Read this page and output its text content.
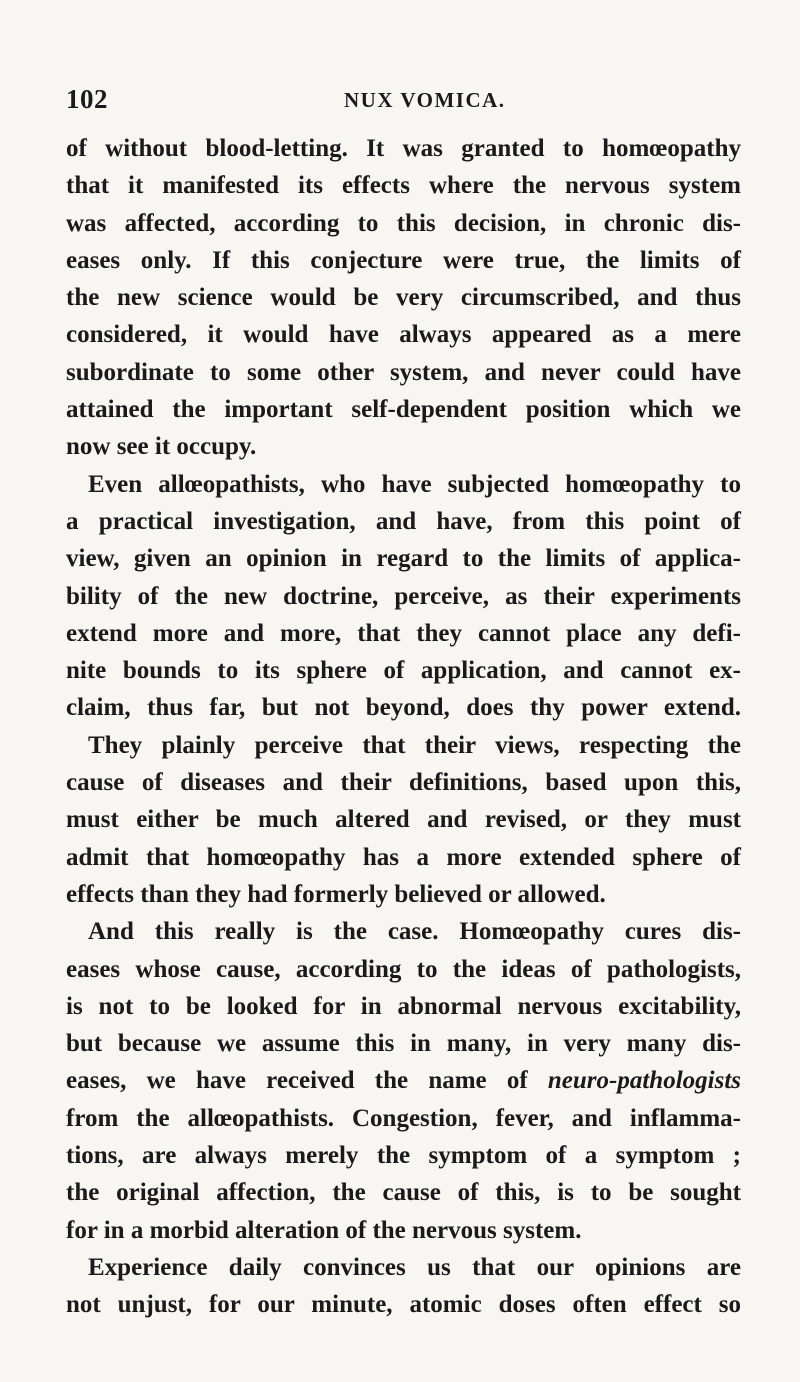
102	NUX VOMICA.
of without blood-letting. It was granted to homœopathy
that it manifested its effects where the nervous system
was affected, according to this decision, in chronic dis-
eases only. If this conjecture were true, the limits of
the new science would be very circumscribed, and thus
considered, it would have always appeared as a mere
subordinate to some other system, and never could have
attained the important self-dependent position which we
now see it occupy.
Even allœopathists, who have subjected homœopathy to
a practical investigation, and have, from this point of
view, given an opinion in regard to the limits of applica-
bility of the new doctrine, perceive, as their experiments
extend more and more, that they cannot place any defi-
nite bounds to its sphere of application, and cannot ex-
claim, thus far, but not beyond, does thy power extend.
They plainly perceive that their views, respecting the
cause of diseases and their definitions, based upon this,
must either be much altered and revised, or they must
admit that homœopathy has a more extended sphere of
effects than they had formerly believed or allowed.
And this really is the case. Homœopathy cures dis-
eases whose cause, according to the ideas of pathologists,
is not to be looked for in abnormal nervous excitability,
but because we assume this in many, in very many dis-
eases, we have received the name of neuro-pathologists
from the allœopathists. Congestion, fever, and inflamma-
tions, are always merely the symptom of a symptom ;
the original affection, the cause of this, is to be sought
for in a morbid alteration of the nervous system.
Experience daily convinces us that our opinions are
not unjust, for our minute, atomic doses often effect so
